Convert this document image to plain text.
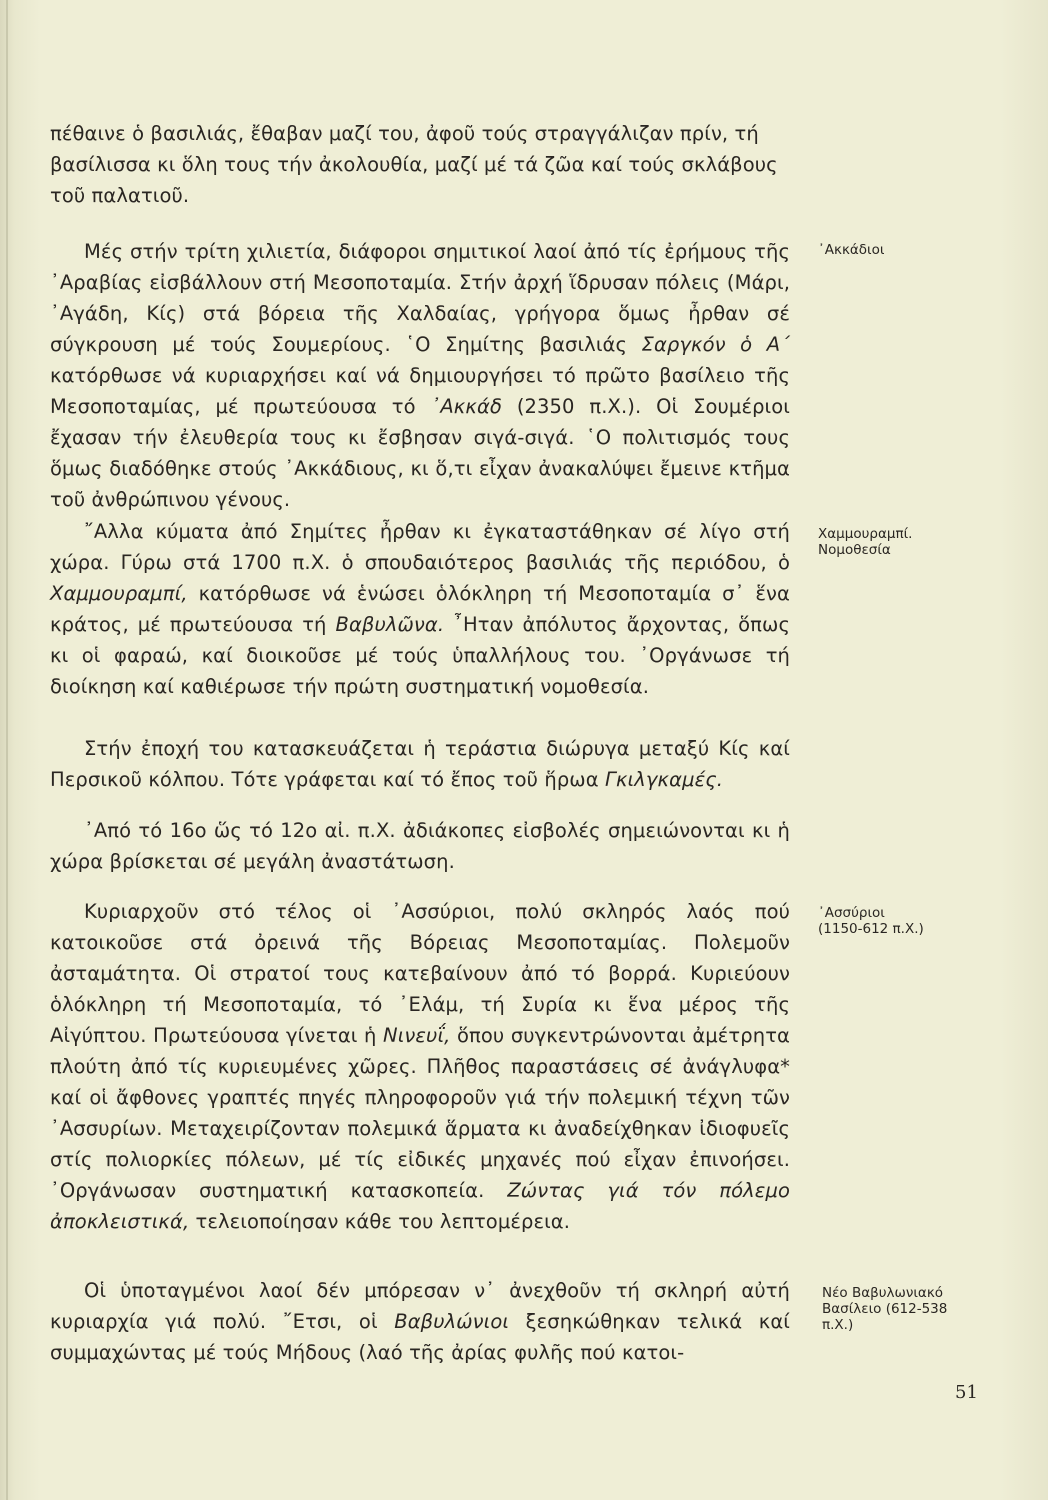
πέθαινε ὁ βασιλιάς, ἔθαβαν μαζί του, ἀφοῦ τούς στραγγάλιζαν πρίν, τή βασίλισσα κι ὅλη τους τήν ἀκολουθία, μαζί μέ τά ζῶα καί τούς σκλάβους τοῦ παλατιοῦ.

Μές στήν τρίτη χιλιετία, διάφοροι σημιτικοί λαοί ἀπό τίς ἐρήμους τῆς ᾿Αραβίας εἰσβάλλουν στή Μεσοποταμία. Στήν ἀρχή ἵδρυσαν πόλεις (Μάρι, ᾿Αγάδη, Κίς) στά βόρεια τῆς Χαλδαίας, γρήγορα ὅμως ἦρθαν σέ σύγκρουση μέ τούς Σουμερίους. ῾Ο Σημίτης βασιλιάς Σαργκόν ὁ Α΄ κατόρθωσε νά κυριαρχήσει καί νά δημιουργήσει τό πρῶτο βασίλειο τῆς Μεσοποταμίας, μέ πρωτεύουσα τό ᾿Ακκάδ (2350 π.Χ.). Οἱ Σουμέριοι ἔχασαν τήν ἐλευθερία τους κι ἔσβησαν σιγά-σιγά. ῾Ο πολιτισμός τους ὅμως διαδόθηκε στούς ᾿Ακκάδιους, κι ὅ,τι εἶχαν ἀνακαλύψει ἔμεινε κτῆμα τοῦ ἀνθρώπινου γένους.

῎Αλλα κύματα ἀπό Σημίτες ἦρθαν κι ἐγκαταστάθηκαν σέ λίγο στή χώρα. Γύρω στά 1700 π.Χ. ὁ σπουδαιότερος βασιλιάς τῆς περιόδου, ὁ Χαμμουραμπί, κατόρθωσε νά ἑνώσει ὁλόκληρη τή Μεσοποταμία σ᾿ ἕνα κράτος, μέ πρωτεύουσα τή Βαβυλῶνα. ῏Ηταν ἀπόλυτος ἄρχοντας, ὅπως κι οἱ φαραώ, καί διοικοῦσε μέ τούς ὑπαλλήλους του. ᾿Οργάνωσε τή διοίκηση καί καθιέρωσε τήν πρώτη συστηματική νομοθεσία.

Στήν ἐποχή του κατασκευάζεται ἡ τεράστια διώρυγα μεταξύ Κίς καί Περσικοῦ κόλπου. Τότε γράφεται καί τό ἔπος τοῦ ἥρωα Γκιλγκαμές.

᾿Από τό 16ο ὥς τό 12ο αἰ. π.Χ. ἀδιάκοπες εἰσβολές σημειώνονται κι ἡ χώρα βρίσκεται σέ μεγάλη ἀναστάτωση.

Κυριαρχοῦν στό τέλος οἱ ᾿Ασσύριοι, πολύ σκληρός λαός πού κατοικοῦσε στά ὀρεινά τῆς Βόρειας Μεσοποταμίας. Πολεμοῦν ἀσταμάτητα. Οἱ στρατοί τους κατεβαίνουν ἀπό τό βορρά. Κυριεύουν ὁλόκληρη τή Μεσοποταμία, τό ᾿Ελάμ, τή Συρία κι ἕνα μέρος τῆς Αἰγύπτου. Πρωτεύουσα γίνεται ἡ Νινευΐ, ὅπου συγκεντρώνονται ἀμέτρητα πλούτη ἀπό τίς κυριευμένες χῶρες. Πλῆθος παραστάσεις σέ ἀνάγλυφα* καί οἱ ἄφθονες γραπτές πηγές πληροφοροῦν γιά τήν πολεμική τέχνη τῶν ᾿Ασσυρίων. Μεταχειρίζονταν πολεμικά ἅρματα κι ἀναδείχθηκαν ἰδιοφυεῖς στίς πολιορκίες πόλεων, μέ τίς εἰδικές μηχανές πού εἶχαν ἐπινοήσει. ᾿Οργάνωσαν συστηματική κατασκοπεία. Ζώντας γιά τόν πόλεμο ἀποκλειστικά, τελειοποίησαν κάθε του λεπτομέρεια.

Οἱ ὑποταγμένοι λαοί δέν μπόρεσαν ν᾿ ἀνεχθοῦν τή σκληρή αὐτή κυριαρχία γιά πολύ. ῎Ετσι, οἱ Βαβυλώνιοι ξεσηκώθηκαν τελικά καί συμμαχώντας μέ τούς Μήδους (λαό τῆς ἀρίας φυλῆς πού κατοι-

᾿Ακκάδιοι
Χαμμουραμπί.
Νομοθεσία
᾿Ασσύριοι
(1150-612 π.Χ.)
Νέο Βαβυλωνιακό
Βασίλειο (612-538
π.Χ.)
51
